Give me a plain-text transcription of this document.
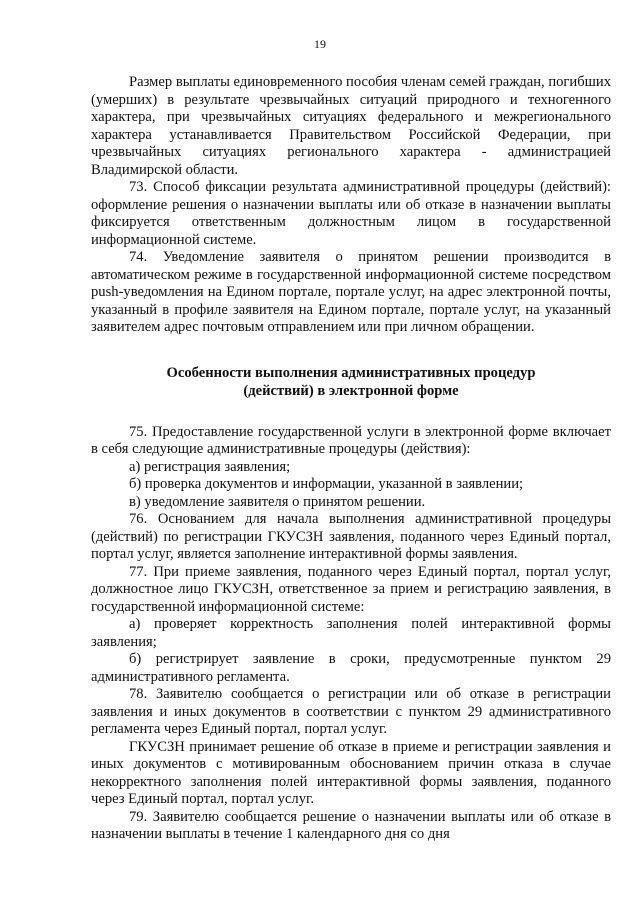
19

Размер выплаты единовременного пособия членам семей граждан, погибших (умерших) в результате чрезвычайных ситуаций природного и техногенного характера, при чрезвычайных ситуациях федерального и межрегионального характера устанавливается Правительством Российской Федерации, при чрезвычайных ситуациях регионального характера - администрацией Владимирской области.

73. Способ фиксации результата административной процедуры (действий): оформление решения о назначении выплаты или об отказе в назначении выплаты фиксируется ответственным должностным лицом в государственной информационной системе.

74. Уведомление заявителя о принятом решении производится в автоматическом режиме в государственной информационной системе посредством push-уведомления на Едином портале, портале услуг, на адрес электронной почты, указанный в профиле заявителя на Едином портале, портале услуг, на указанный заявителем адрес почтовым отправлением или при личном обращении.

Особенности выполнения административных процедур
(действий) в электронной форме

75. Предоставление государственной услуги в электронной форме включает в себя следующие административные процедуры (действия):

а) регистрация заявления;

б) проверка документов и информации, указанной в заявлении;

в) уведомление заявителя о принятом решении.

76. Основанием для начала выполнения административной процедуры (действий) по регистрации ГКУСЗН заявления, поданного через Единый портал, портал услуг, является заполнение интерактивной формы заявления.

77. При приеме заявления, поданного через Единый портал, портал услуг, должностное лицо ГКУСЗН, ответственное за прием и регистрацию заявления, в государственной информационной системе:

а) проверяет корректность заполнения полей интерактивной формы заявления;

б) регистрирует заявление в сроки, предусмотренные пунктом 29 административного регламента.

78. Заявителю сообщается о регистрации или об отказе в регистрации заявления и иных документов в соответствии с пунктом 29 административного регламента через Единый портал, портал услуг.

ГКУСЗН принимает решение об отказе в приеме и регистрации заявления и иных документов с мотивированным обоснованием причин отказа в случае некорректного заполнения полей интерактивной формы заявления, поданного через Единый портал, портал услуг.

79. Заявителю сообщается решение о назначении выплаты или об отказе в назначении выплаты в течение 1 календарного дня со дня
